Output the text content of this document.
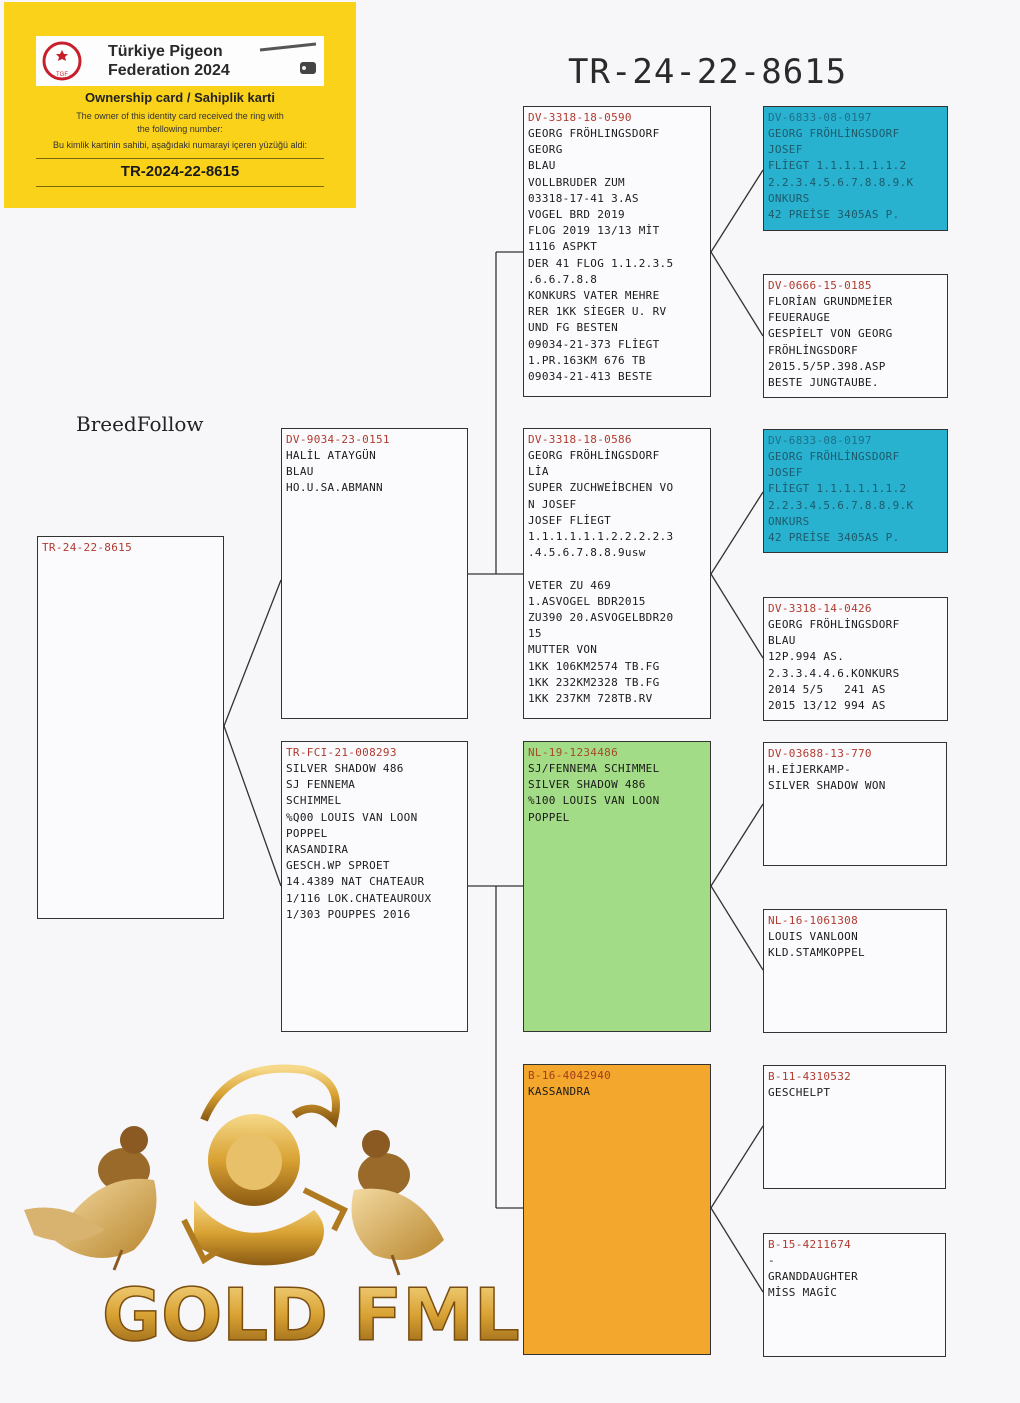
TGF
Türkiye Pigeon
Federation 2024
Ownership card / Sahiplik karti
The owner of this identity card received the ring with
the following number:
Bu kimlik kartinin sahibi, aşağıdaki numarayi içeren yüzüğü aldi:
TR-2024-22-8615
TR-24-22-8615
BreedFollow
TR-24-22-8615
DV-9034-23-0151
HALİL ATAYGÜN
BLAU
HO.U.SA.ABMANN
TR-FCI-21-008293
SILVER SHADOW 486
SJ FENNEMA
SCHIMMEL
%Q00 LOUIS VAN LOON
POPPEL
KASANDIRA
GESCH.WP SPROET
14.4389 NAT CHATEAUR
1/116 LOK.CHATEAUROUX
1/303 POUPPES 2016
DV-3318-18-0590
GEORG FRÖHLINGSDORF
GEORG
BLAU
VOLLBRUDER ZUM
03318-17-41 3.AS
VOGEL BRD 2019
FLOG 2019 13/13 MİT
1116 ASPKT
DER 41 FLOG 1.1.2.3.5
.6.6.7.8.8
KONKURS VATER MEHRE
RER 1KK SİEGER U. RV
UND FG BESTEN
09034-21-373 FLİEGT
1.PR.163KM 676 TB
09034-21-413 BESTE
DV-3318-18-0586
GEORG FRÖHLİNGSDORF
LİA
SUPER ZUCHWEİBCHEN VO
N JOSEF
JOSEF FLİEGT
1.1.1.1.1.1.2.2.2.2.3
.4.5.6.7.8.8.9usw
VETER ZU 469
1.ASVOGEL BDR2015
ZU390 20.ASVOGELBDR20
15
MUTTER VON
1KK 106KM2574 TB.FG
1KK 232KM2328 TB.FG
1KK 237KM 728TB.RV
NL-19-1234486
SJ/FENNEMA SCHIMMEL
SILVER SHADOW 486
%100 LOUIS VAN LOON
POPPEL
B-16-4042940
KASSANDRA
DV-6833-08-0197
GEORG FRÖHLİNGSDORF
JOSEF
FLİEGT 1.1.1.1.1.1.2
2.2.3.4.5.6.7.8.8.9.K
ONKURS
42 PREİSE 3405AS P.
DV-0666-15-0185
FLORİAN GRUNDMEİER
FEUERAUGE
GESPİELT VON GEORG
FRÖHLİNGSDORF
2015.5/5P.398.ASP
BESTE JUNGTAUBE.
DV-6833-08-0197
GEORG FRÖHLİNGSDORF
JOSEF
FLİEGT 1.1.1.1.1.1.2
2.2.3.4.5.6.7.8.8.9.K
ONKURS
42 PREİSE 3405AS P.
DV-3318-14-0426
GEORG FRÖHLİNGSDORF
BLAU
12P.994 AS.
2.3.3.4.4.6.KONKURS
2014 5/5   241 AS
2015 13/12 994 AS
DV-03688-13-770
H.EİJERKAMP-
SILVER SHADOW WON
NL-16-1061308
LOUIS VANLOON
KLD.STAMKOPPEL
B-11-4310532
GESCHELPT
B-15-4211674
-
GRANDDAUGHTER
MİSS MAGİC
GOLD FML
